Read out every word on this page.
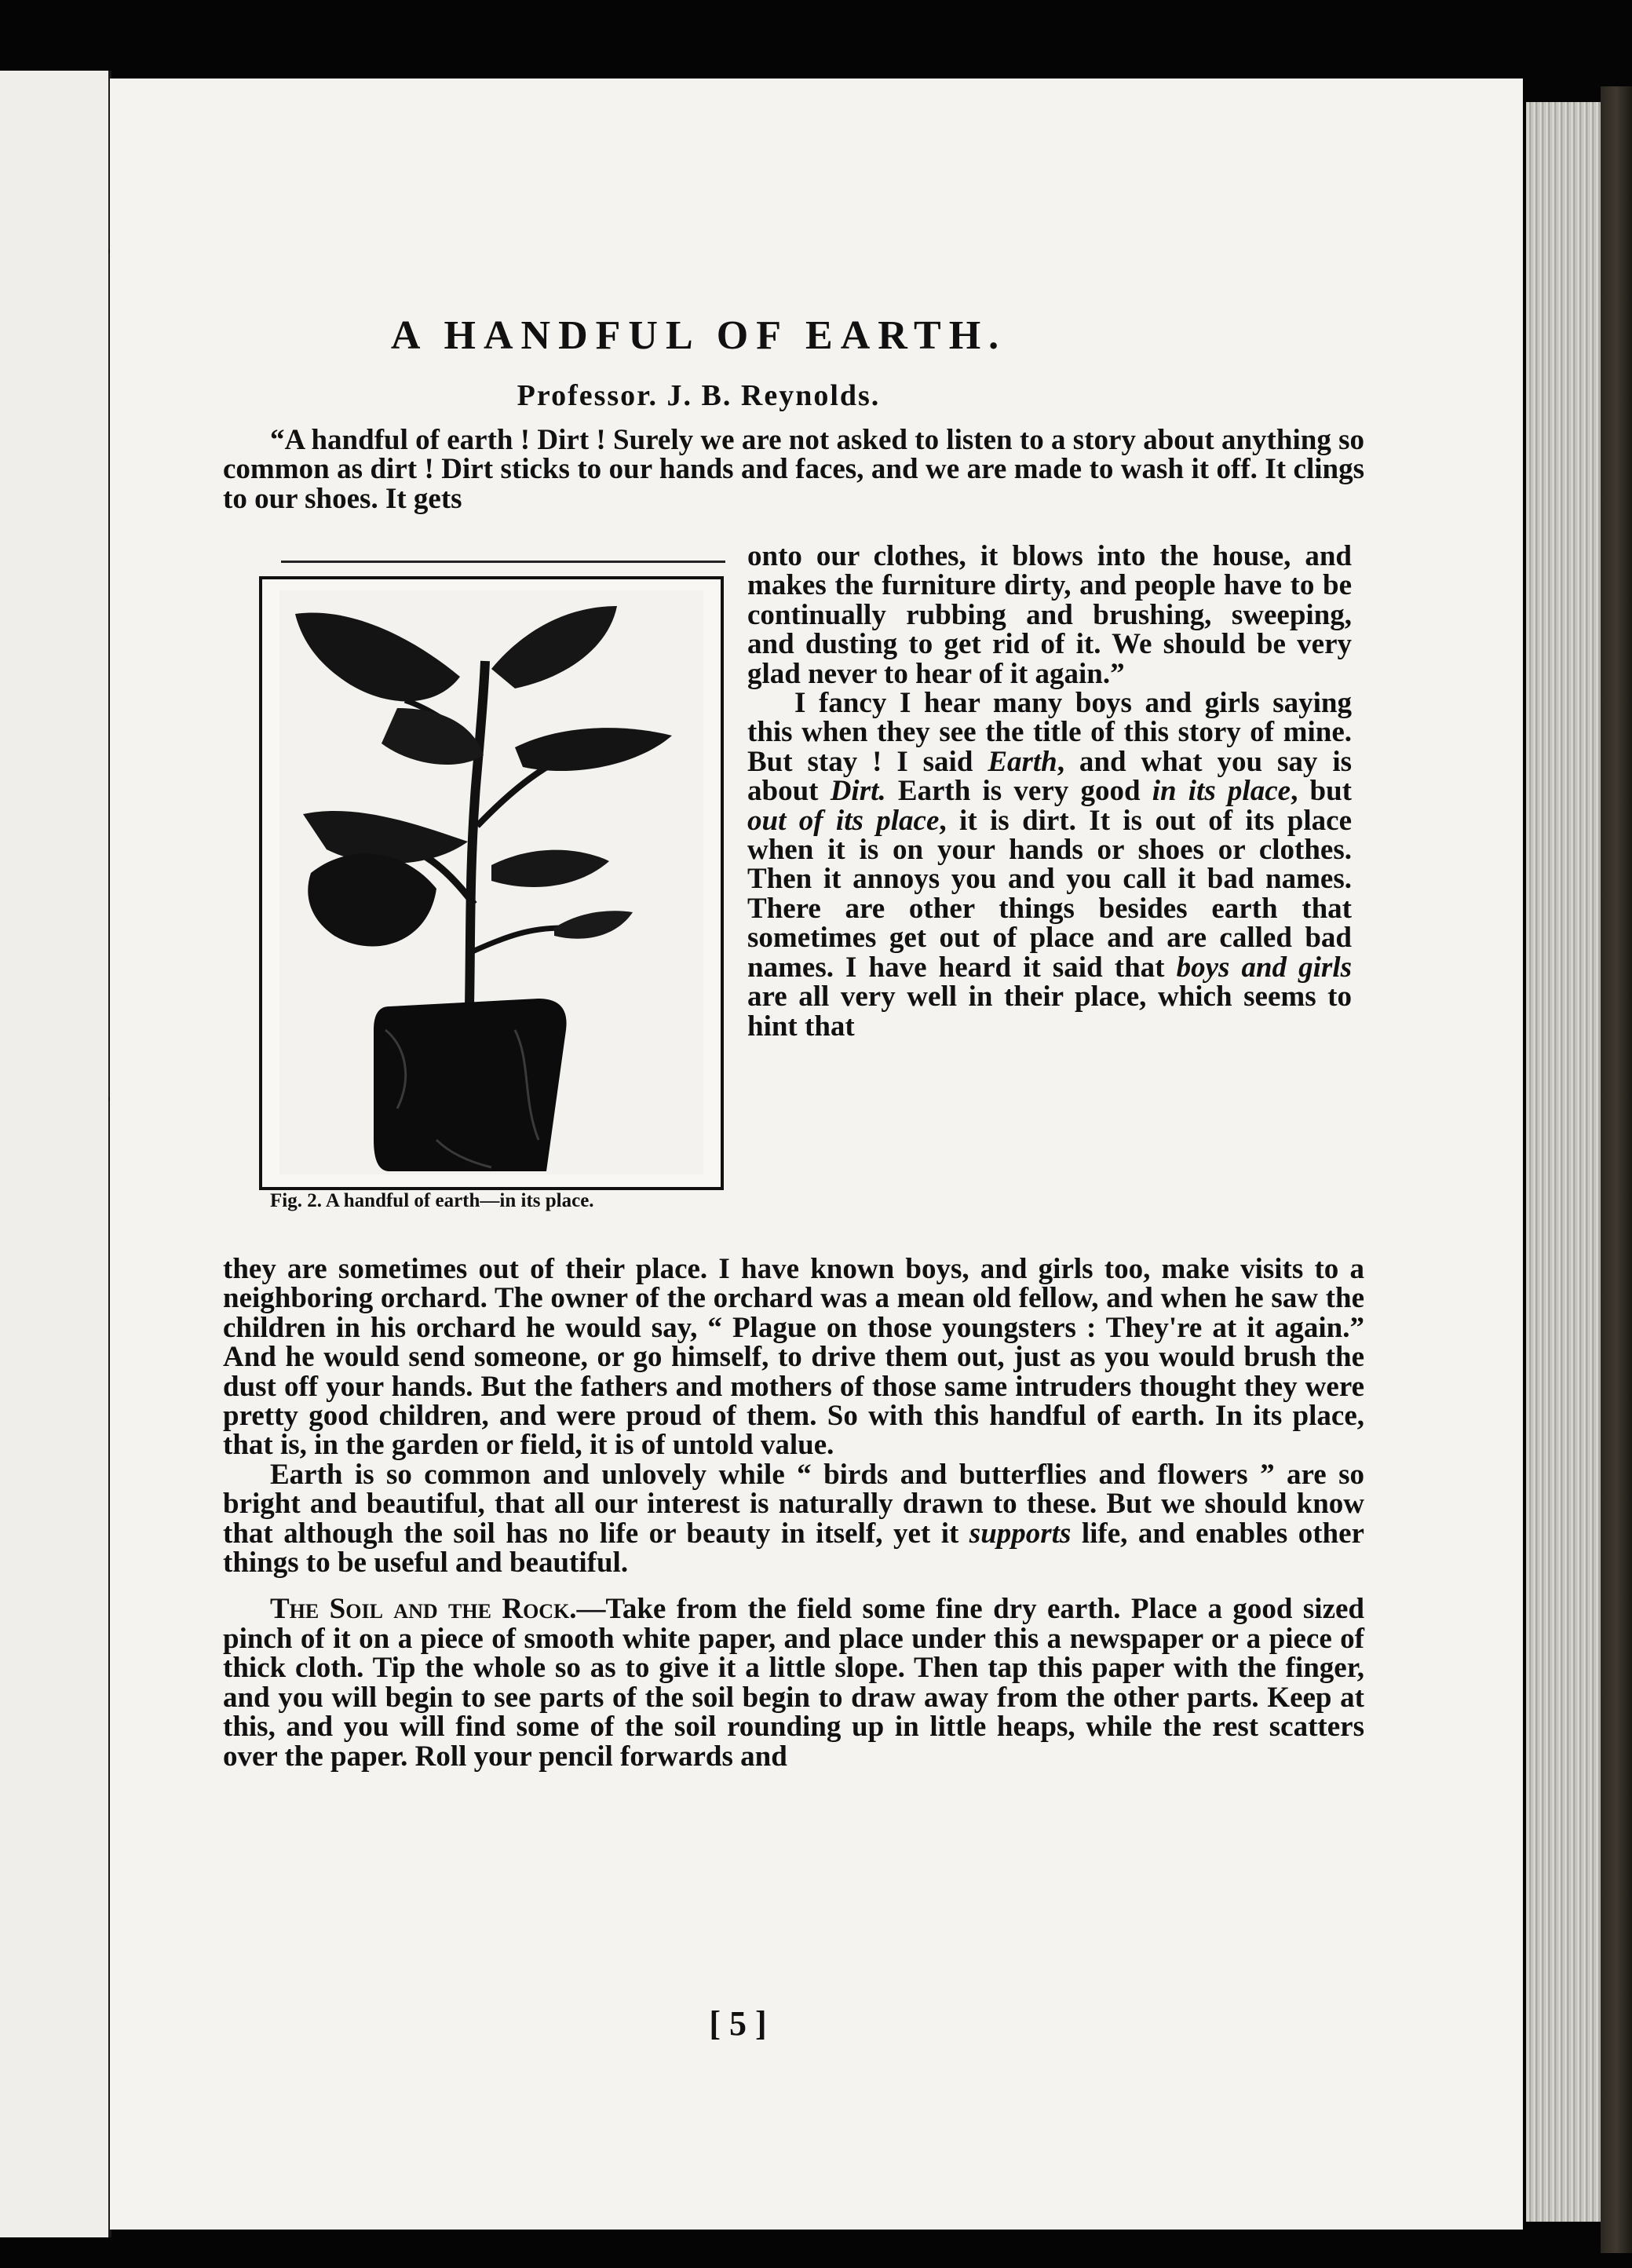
A HANDFUL OF EARTH.
Professor. J. B. Reynolds.
“A handful of earth ! Dirt ! Surely we are not asked to listen to a story about anything so common as dirt ! Dirt sticks to our hands and faces, and we are made to wash it off. It clings to our shoes. It gets
Fig. 2. A handful of earth—in its place.

onto our clothes, it blows into the house, and makes the furniture dirty, and people have to be continually rubbing and brushing, sweeping, and dusting to get rid of it. We should be very glad never to hear of it again.”

I fancy I hear many boys and girls saying this when they see the title of this story of mine. But stay ! I said Earth, and what you say is about Dirt. Earth is very good in its place, but out of its place, it is dirt. It is out of its place when it is on your hands or shoes or clothes. Then it annoys you and you call it bad names. There are other things besides earth that sometimes get out of place and are called bad names. I have heard it said that boys and girls are all very well in their place, which seems to hint that

they are sometimes out of their place. I have known boys, and girls too, make visits to a neighboring orchard. The owner of the orchard was a mean old fellow, and when he saw the children in his orchard he would say, “ Plague on those youngsters : They're at it again.” And he would send someone, or go himself, to drive them out, just as you would brush the dust off your hands. But the fathers and mothers of those same intruders thought they were pretty good children, and were proud of them. So with this handful of earth. In its place, that is, in the garden or field, it is of untold value.

Earth is so common and unlovely while “ birds and butterflies and flowers ” are so bright and beautiful, that all our interest is naturally drawn to these. But we should know that although the soil has no life or beauty in itself, yet it supports life, and enables other things to be useful and beautiful.

The Soil and the Rock.—Take from the field some fine dry earth. Place a good sized pinch of it on a piece of smooth white paper, and place under this a newspaper or a piece of thick cloth. Tip the whole so as to give it a little slope. Then tap this paper with the finger, and you will begin to see parts of the soil begin to draw away from the other parts. Keep at this, and you will find some of the soil rounding up in little heaps, while the rest scatters over the paper. Roll your pencil forwards and

[ 5 ]
